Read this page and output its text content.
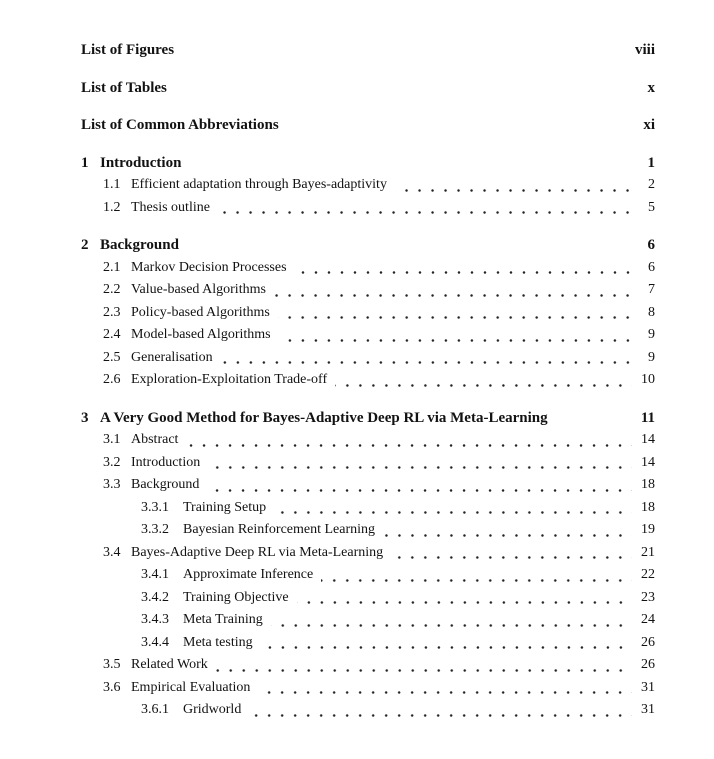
List of Figures	viii
List of Tables	x
List of Common Abbreviations	xi
1 Introduction	1
1.1 Efficient adaptation through Bayes-adaptivity	2
1.2 Thesis outline	5
2 Background	6
2.1 Markov Decision Processes	6
2.2 Value-based Algorithms	7
2.3 Policy-based Algorithms	8
2.4 Model-based Algorithms	9
2.5 Generalisation	9
2.6 Exploration-Exploitation Trade-off	10
3 A Very Good Method for Bayes-Adaptive Deep RL via Meta-Learning	11
3.1 Abstract	14
3.2 Introduction	14
3.3 Background	18
3.3.1	Training Setup	18
3.3.2	Bayesian Reinforcement Learning	19
3.4 Bayes-Adaptive Deep RL via Meta-Learning	21
3.4.1	Approximate Inference	22
3.4.2	Training Objective	23
3.4.3	Meta Training	24
3.4.4	Meta testing	26
3.5 Related Work	26
3.6 Empirical Evaluation	31
3.6.1	Gridworld	31
